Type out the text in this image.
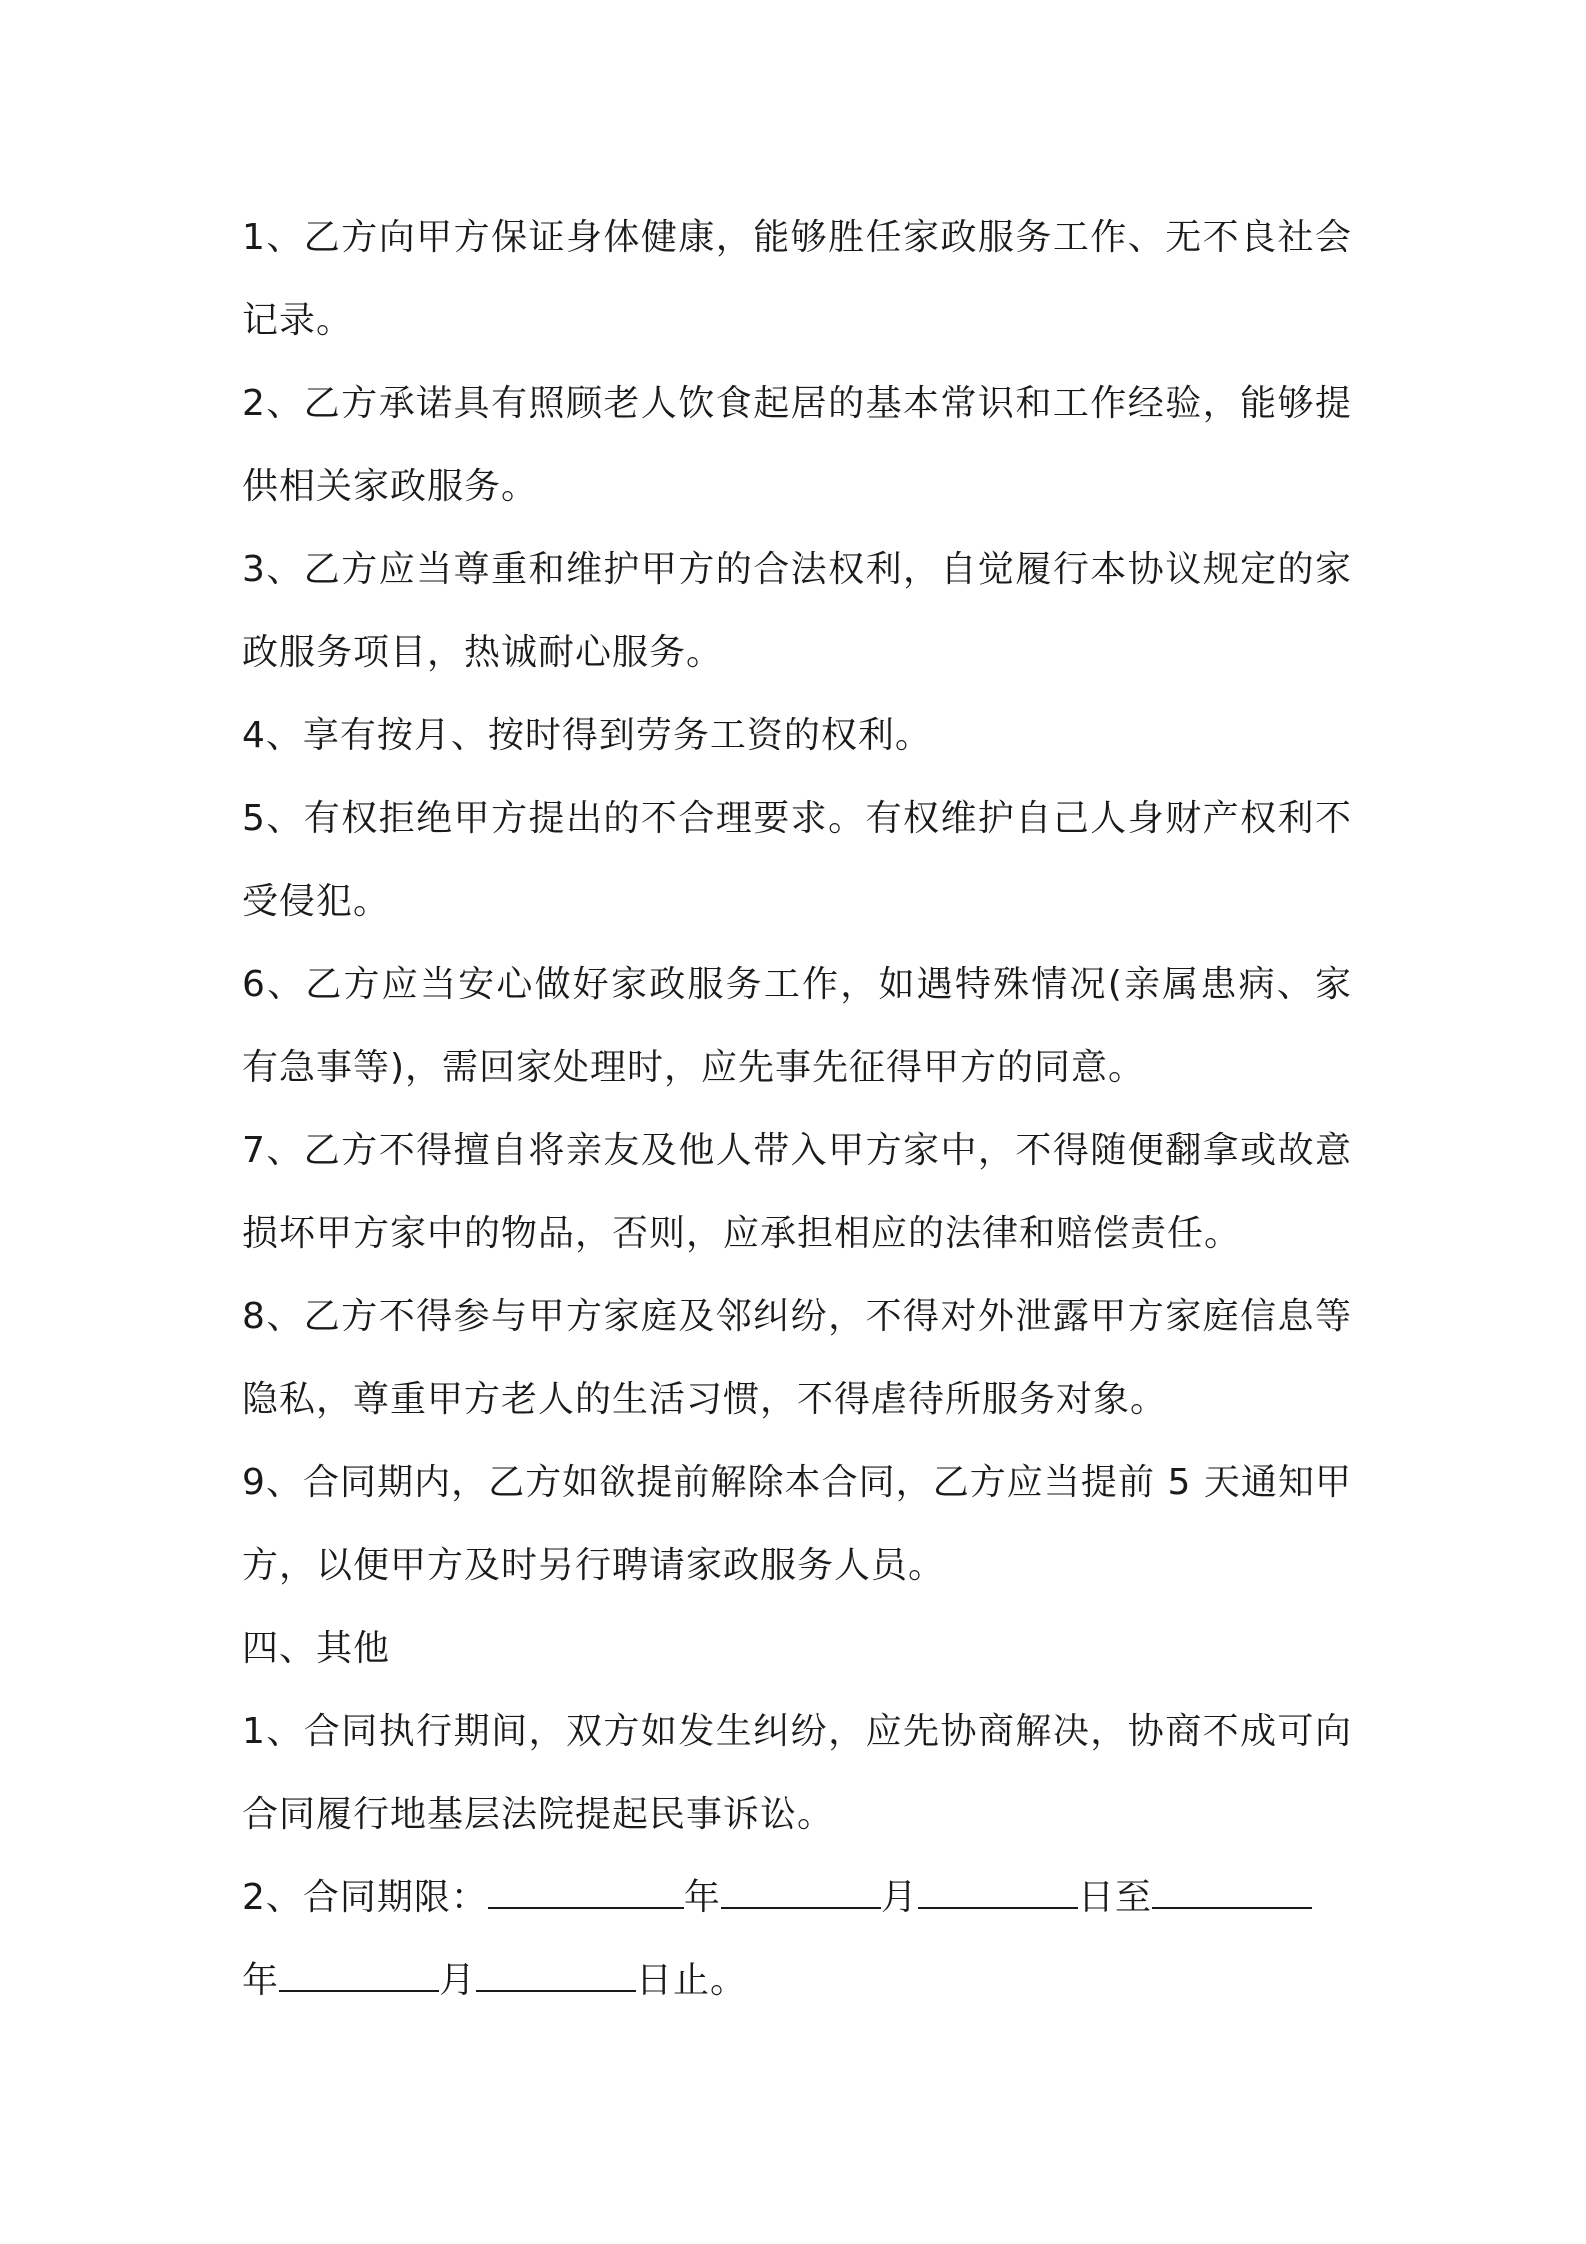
1、乙方向甲方保证身体健康，能够胜任家政服务工作、无不良社会记录。

2、乙方承诺具有照顾老人饮食起居的基本常识和工作经验，能够提供相关家政服务。

3、乙方应当尊重和维护甲方的合法权利，自觉履行本协议规定的家政服务项目，热诚耐心服务。

4、享有按月、按时得到劳务工资的权利。

5、有权拒绝甲方提出的不合理要求。有权维护自己人身财产权利不受侵犯。

6、乙方应当安心做好家政服务工作，如遇特殊情况(亲属患病、家有急事等)，需回家处理时，应先事先征得甲方的同意。

7、乙方不得擅自将亲友及他人带入甲方家中，不得随便翻拿或故意损坏甲方家中的物品，否则，应承担相应的法律和赔偿责任。

8、乙方不得参与甲方家庭及邻纠纷，不得对外泄露甲方家庭信息等隐私，尊重甲方老人的生活习惯，不得虐待所服务对象。

9、合同期内，乙方如欲提前解除本合同，乙方应当提前 5 天通知甲方，以便甲方及时另行聘请家政服务人员。

四、其他

1、合同执行期间，双方如发生纠纷，应先协商解决，协商不成可向合同履行地基层法院提起民事诉讼。

2、合同期限：	年	月	日至
年	月	日止。
